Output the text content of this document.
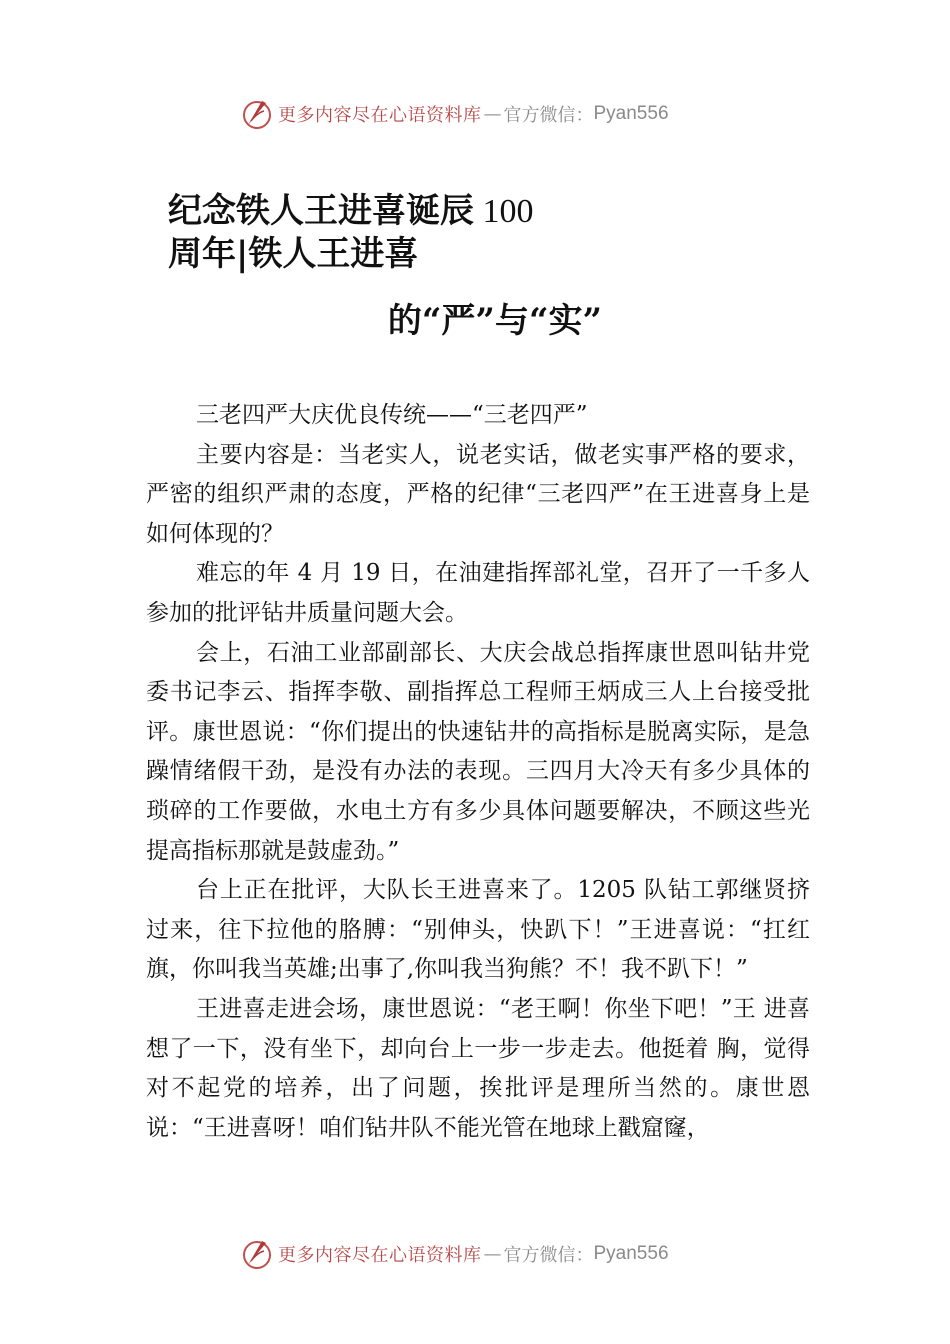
更多内容尽在心语资料库 — 官方微信： Pyan556
纪念铁人王进喜诞辰 100
周年|铁人王进喜
的“严”与“实”

三老四严大庆优良传统——“三老四严”

主要内容是：当老实人，说老实话，做老实事严格的要求，严密的组织严肃的态度，严格的纪律“三老四严”在王进喜身上是如何体现的？

难忘的年 4 月 19 日，在油建指挥部礼堂，召开了一千多人参加的批评钻井质量问题大会。

会上，石油工业部副部长、大庆会战总指挥康世恩叫钻井党委书记李云、指挥李敬、副指挥总工程师王炳成三人上台接受批评。康世恩说：“你们提出的快速钻井的高指标是脱离实际，是急躁情绪假干劲，是没有办法的表现。三四月大冷天有多少具体的琐碎的工作要做，水电土方有多少具体问题要解决，不顾这些光提高指标那就是鼓虚劲。”

台上正在批评，大队长王进喜来了。1205 队钻工郭继贤挤过来，往下拉他的胳膊：“别伸头，快趴下！”王进喜说：“扛红旗，你叫我当英雄;出事了,你叫我当狗熊？不！我不趴下！”

王进喜走进会场，康世恩说：“老王啊！你坐下吧！”王 进喜想了一下，没有坐下，却向台上一步一步走去。他挺着 胸，觉得对不起党的培养，出了问题，挨批评是理所当然的。康世恩说：“王进喜呀！咱们钻井队不能光管在地球上戳窟窿，

更多内容尽在心语资料库 — 官方微信： Pyan556
